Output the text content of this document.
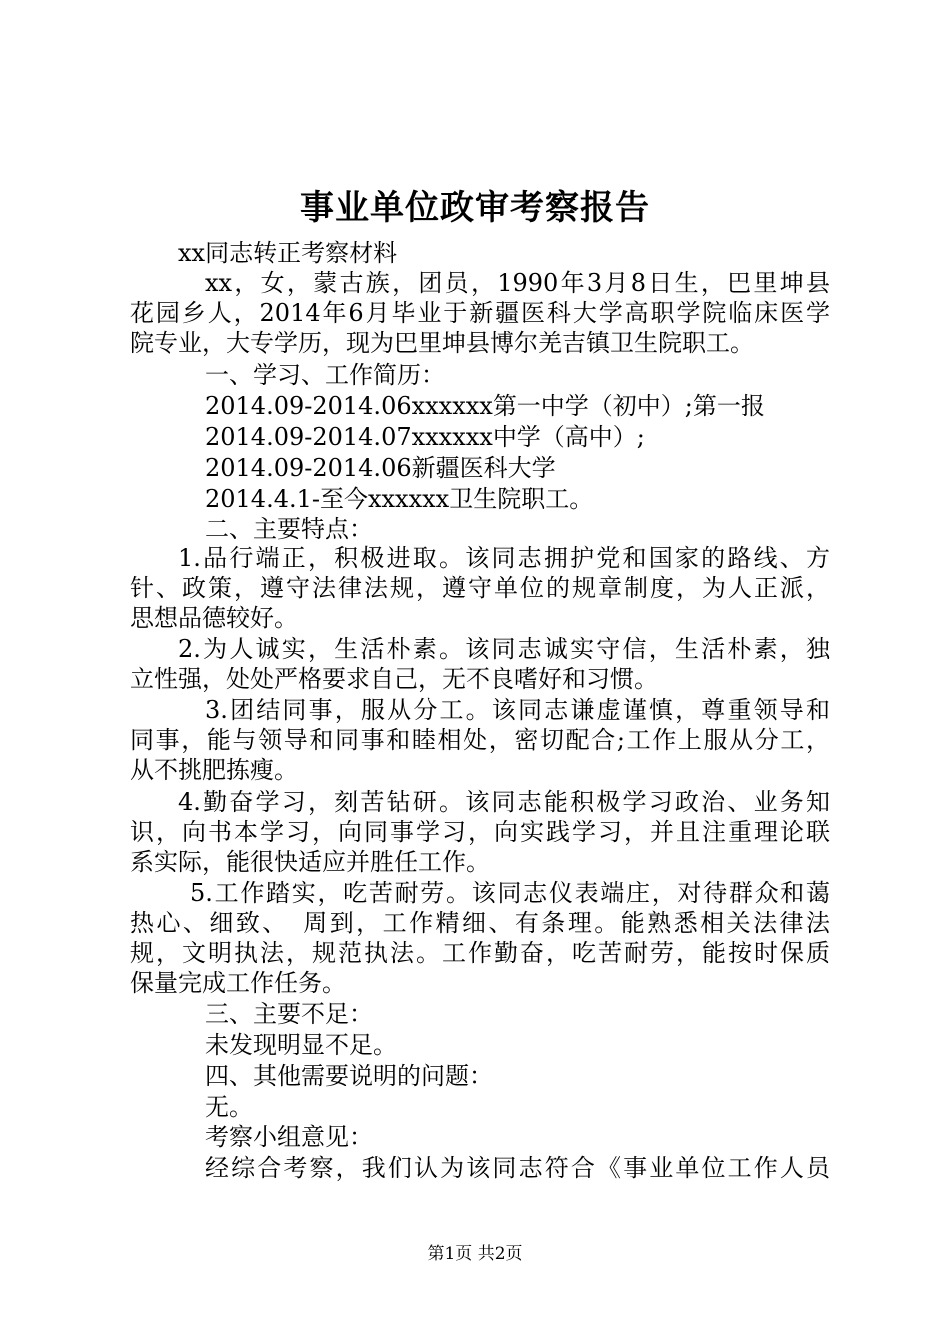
事业单位政审考察报告
xx同志转正考察材料
xx，女，蒙古族，团员，1990年3月8日生，巴里坤县
花园乡人，2014年6月毕业于新疆医科大学高职学院临床医学
院专业，大专学历，现为巴里坤县博尔羌吉镇卫生院职工。
一、学习、工作简历：
2014.09-2014.06xxxxxx第一中学（初中）;第一报
2014.09-2014.07xxxxxx中学（高中）;
2014.09-2014.06新疆医科大学
2014.4.1-至今xxxxxx卫生院职工。
二、主要特点：
1.品行端正，积极进取。该同志拥护党和国家的路线、方
针、政策，遵守法律法规，遵守单位的规章制度，为人正派，
思想品德较好。
2.为人诚实，生活朴素。该同志诚实守信，生活朴素，独
立性强，处处严格要求自己，无不良嗜好和习惯。
3.团结同事，服从分工。该同志谦虚谨慎，尊重领导和
同事，能与领导和同事和睦相处，密切配合;工作上服从分工，
从不挑肥拣瘦。
4.勤奋学习，刻苦钻研。该同志能积极学习政治、业务知
识，向书本学习，向同事学习，向实践学习，并且注重理论联
系实际，能很快适应并胜任工作。
5.工作踏实，吃苦耐劳。该同志仪表端庄，对待群众和蔼
热心、细致、　周到，工作精细、有条理。能熟悉相关法律法
规，文明执法，规范执法。工作勤奋，吃苦耐劳，能按时保质
保量完成工作任务。
三、主要不足：
未发现明显不足。
四、其他需要说明的问题：
无。
考察小组意见：
经综合考察，我们认为该同志符合《事业单位工作人员
第1页 共2页
